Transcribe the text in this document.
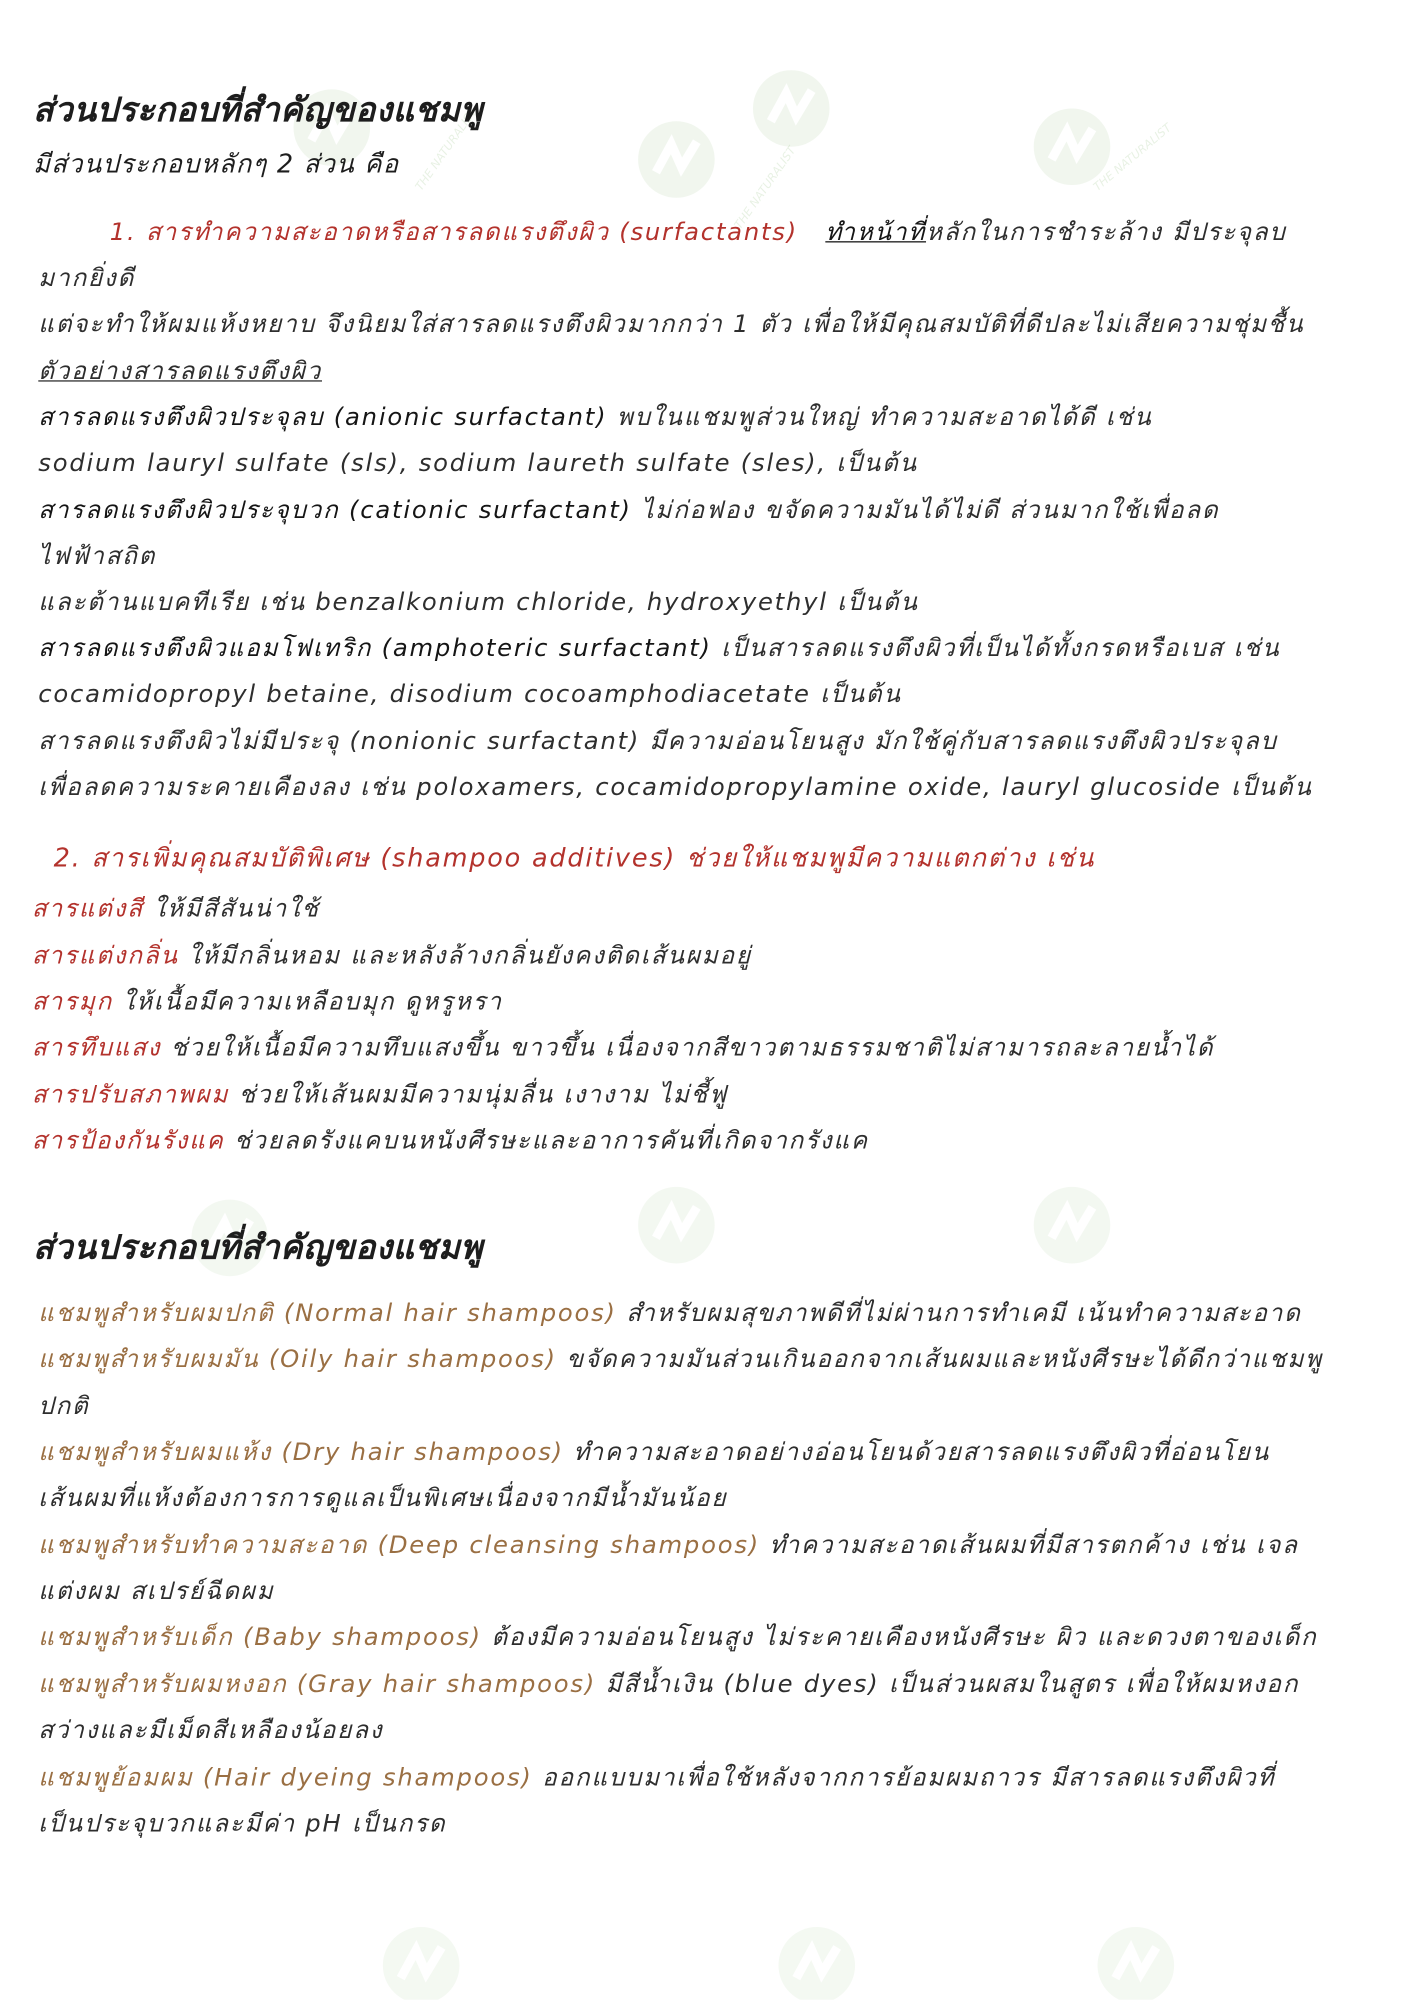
THE NATURALIST	THE NATURALIST	THE NATURALIST
ส่วนประกอบที่สำคัญของแชมพู
มีส่วนประกอบหลักๆ 2 ส่วน คือ
1. สารทำความสะอาดหรือสารลดแรงตึงผิว (surfactants) ทำหน้าที่หลักในการชำระล้าง มีประจุลบ
มากยิ่งดี
แต่จะทำให้ผมแห้งหยาบ จึงนิยมใส่สารลดแรงตึงผิวมากกว่า 1 ตัว เพื่อให้มีคุณสมบัติที่ดีปละไม่เสียความชุ่มชื้น
ตัวอย่างสารลดแรงตึงผิว
สารลดแรงตึงผิวประจุลบ (anionic surfactant) พบในแชมพูส่วนใหญ่ ทำความสะอาดได้ดี เช่น
sodium lauryl sulfate (sls), sodium laureth sulfate (sles), เป็นต้น
สารลดแรงตึงผิวประจุบวก (cationic surfactant) ไม่ก่อฟอง ขจัดความมันได้ไม่ดี ส่วนมากใช้เพื่อลด
ไฟฟ้าสถิต
และต้านแบคทีเรีย เช่น benzalkonium chloride, hydroxyethyl เป็นต้น
สารลดแรงตึงผิวแอมโฟเทริก (amphoteric surfactant) เป็นสารลดแรงตึงผิวที่เป็นได้ทั้งกรดหรือเบส เช่น
cocamidopropyl betaine, disodium cocoamphodiacetate เป็นต้น
สารลดแรงตึงผิวไม่มีประจุ (nonionic surfactant) มีความอ่อนโยนสูง มักใช้คู่กับสารลดแรงตึงผิวประจุลบ
เพื่อลดความระคายเคืองลง เช่น poloxamers, cocamidopropylamine oxide, lauryl glucoside เป็นต้น
2. สารเพิ่มคุณสมบัติพิเศษ (shampoo additives) ช่วยให้แชมพูมีความแตกต่าง เช่น
สารแต่งสี ให้มีสีสันน่าใช้
สารแต่งกลิ่น ให้มีกลิ่นหอม และหลังล้างกลิ่นยังคงติดเส้นผมอยู่
สารมุก ให้เนื้อมีความเหลือบมุก ดูหรูหรา
สารทึบแสง ช่วยให้เนื้อมีความทึบแสงขึ้น ขาวขึ้น เนื่องจากสีขาวตามธรรมชาติไม่สามารถละลายน้ำได้
สารปรับสภาพผม ช่วยให้เส้นผมมีความนุ่มลื่น เงางาม ไม่ชี้ฟู
สารป้องกันรังแค ช่วยลดรังแคบนหนังศีรษะและอาการคันที่เกิดจากรังแค
ส่วนประกอบที่สำคัญของแชมพู
แชมพูสำหรับผมปกติ (Normal hair shampoos) สำหรับผมสุขภาพดีที่ไม่ผ่านการทำเคมี เน้นทำความสะอาด
แชมพูสำหรับผมมัน (Oily hair shampoos) ขจัดความมันส่วนเกินออกจากเส้นผมและหนังศีรษะได้ดีกว่าแชมพู
ปกติ
แชมพูสำหรับผมแห้ง (Dry hair shampoos) ทำความสะอาดอย่างอ่อนโยนด้วยสารลดแรงตึงผิวที่อ่อนโยน
เส้นผมที่แห้งต้องการการดูแลเป็นพิเศษเนื่องจากมีน้ำมันน้อย
แชมพูสำหรับทำความสะอาด (Deep cleansing shampoos) ทำความสะอาดเส้นผมที่มีสารตกค้าง เช่น เจล
แต่งผม สเปรย์ฉีดผม
แชมพูสำหรับเด็ก (Baby shampoos) ต้องมีความอ่อนโยนสูง ไม่ระคายเคืองหนังศีรษะ ผิว และดวงตาของเด็ก
แชมพูสำหรับผมหงอก (Gray hair shampoos) มีสีน้ำเงิน (blue dyes) เป็นส่วนผสมในสูตร เพื่อให้ผมหงอก
สว่างและมีเม็ดสีเหลืองน้อยลง
แชมพูย้อมผม (Hair dyeing shampoos) ออกแบบมาเพื่อใช้หลังจากการย้อมผมถาวร มีสารลดแรงตึงผิวที่
เป็นประจุบวกและมีค่า pH เป็นกรด
